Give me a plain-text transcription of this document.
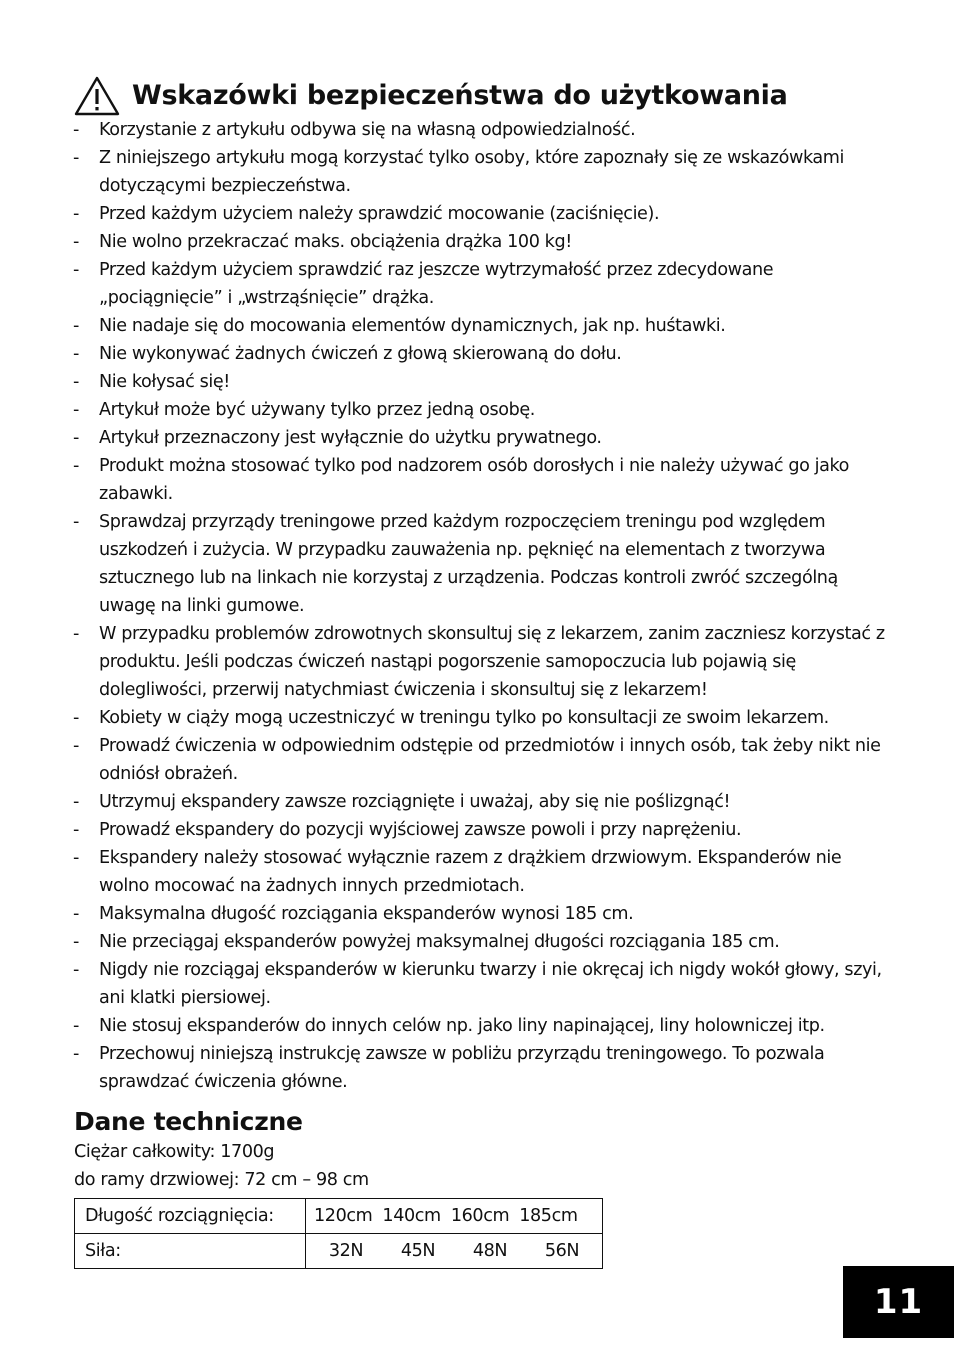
Wskazówki bezpieczeństwa do użytkowania
- Korzystanie z artykułu odbywa się na własną odpowiedzialność.
- Z niniejszego artykułu mogą korzystać tylko osoby, które zapoznały się ze wskazówkami dotyczącymi bezpieczeństwa.
- Przed każdym użyciem należy sprawdzić mocowanie (zaciśnięcie).
- Nie wolno przekraczać maks. obciążenia drążka 100 kg!
- Przed każdym użyciem sprawdzić raz jeszcze wytrzymałość przez zdecydowane „pociągnięcie” i „wstrząśnięcie” drążka.
- Nie nadaje się do mocowania elementów dynamicznych, jak np. huśtawki.
- Nie wykonywać żadnych ćwiczeń z głową skierowaną do dołu.
- Nie kołysać się!
- Artykuł może być używany tylko przez jedną osobę.
- Artykuł przeznaczony jest wyłącznie do użytku prywatnego.
- Produkt można stosować tylko pod nadzorem osób dorosłych i nie należy używać go jako zabawki.
- Sprawdzaj przyrządy treningowe przed każdym rozpoczęciem treningu pod względem uszkodzeń i zużycia. W przypadku zauważenia np. pęknięć na elementach z tworzywa sztucznego lub na linkach nie korzystaj z urządzenia. Podczas kontroli zwróć szczególną uwagę na linki gumowe.
- W przypadku problemów zdrowotnych skonsultuj się z lekarzem, zanim zaczniesz korzystać z produktu. Jeśli podczas ćwiczeń nastąpi pogorszenie samopoczucia lub pojawią się dolegliwości, przerwij natychmiast ćwiczenia i skonsultuj się z lekarzem!
- Kobiety w ciąży mogą uczestniczyć w treningu tylko po konsultacji ze swoim lekarzem.
- Prowadź ćwiczenia w odpowiednim odstępie od przedmiotów i innych osób, tak żeby nikt nie odniósł obrażeń.
- Utrzymuj ekspandery zawsze rozciągnięte i uważaj, aby się nie poślizgnąć!
- Prowadź ekspandery do pozycji wyjściowej zawsze powoli i przy naprężeniu.
- Ekspandery należy stosować wyłącznie razem z drążkiem drzwiowym. Ekspanderów nie wolno mocować na żadnych innych przedmiotach.
- Maksymalna długość rozciągania ekspanderów wynosi 185 cm.
- Nie przeciągaj ekspanderów powyżej maksymalnej długości rozciągania 185 cm.
- Nigdy nie rozciągaj ekspanderów w kierunku twarzy i nie okręcaj ich nigdy wokół głowy, szyi, ani klatki piersiowej.
- Nie stosuj ekspanderów do innych celów np. jako liny napinającej, liny holowniczej itp.
- Przechowuj niniejszą instrukcję zawsze w pobliżu przyrządu treningowego. To pozwala sprawdzać ćwiczenia główne.
Dane techniczne
Ciężar całkowity: 1700g
do ramy drzwiowej: 72 cm – 98 cm
Długość rozciągnięcia:	120cm 140cm 160cm 185cm

Siła:	32N 45N 48N 56N
11
